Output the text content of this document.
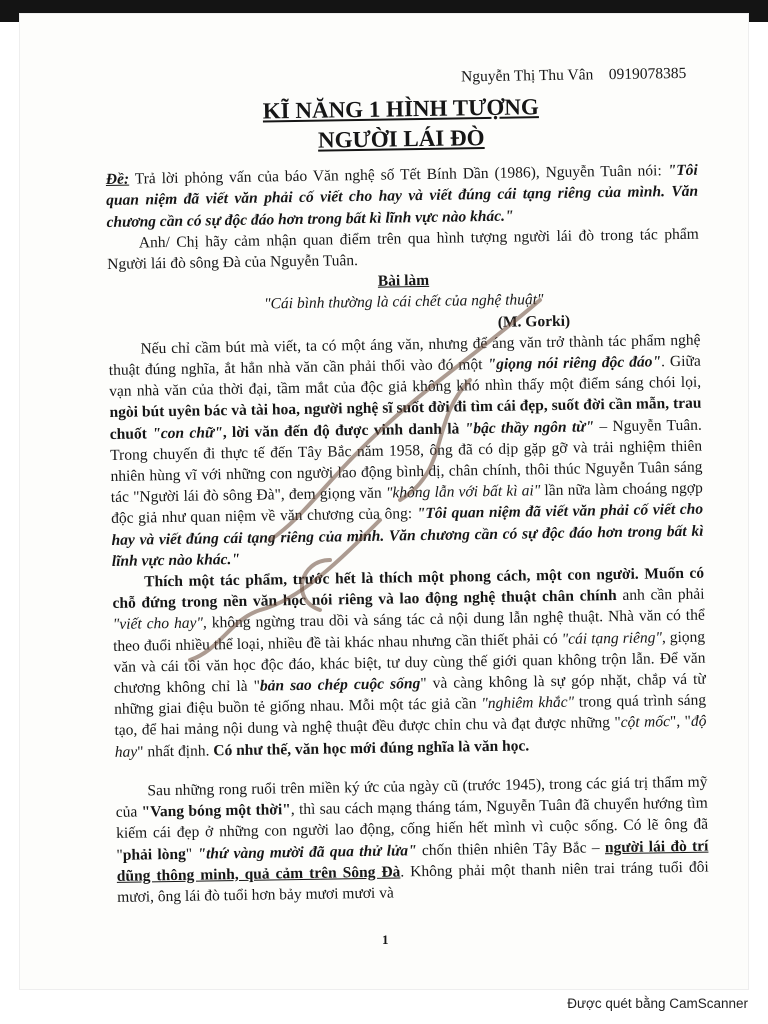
Nguyễn Thị Thu Vân 0919078385

KĨ NĂNG 1 HÌNH TƯỢNG

NGƯỜI LÁI ĐÒ

Đề: Trả lời phỏng vấn của báo Văn nghệ số Tết Bính Dần (1986), Nguyễn Tuân nói: "Tôi quan niệm đã viết văn phải cố viết cho hay và viết đúng cái tạng riêng của mình. Văn chương cần có sự độc đáo hơn trong bất kì lĩnh vực nào khác."

Anh/ Chị hãy cảm nhận quan điểm trên qua hình tượng người lái đò trong tác phẩm Người lái đò sông Đà của Nguyễn Tuân.

Bài làm

"Cái bình thường là cái chết của nghệ thuật"

(M. Gorki)

Nếu chỉ cầm bút mà viết, ta có một áng văn, nhưng để áng văn trở thành tác phẩm nghệ thuật đúng nghĩa, ắt hẳn nhà văn cần phải thổi vào đó một "giọng nói riêng độc đáo". Giữa vạn nhà văn của thời đại, tầm mắt của độc giả không khó nhìn thấy một điểm sáng chói lọi, ngòi bút uyên bác và tài hoa, người nghệ sĩ suốt đời đi tìm cái đẹp, suốt đời cần mẫn, trau chuốt "con chữ", lời văn đến độ được vinh danh là "bậc thầy ngôn từ" – Nguyễn Tuân. Trong chuyến đi thực tế đến Tây Bắc năm 1958, ông đã có dịp gặp gỡ và trải nghiệm thiên nhiên hùng vĩ với những con người lao động bình dị, chân chính, thôi thúc Nguyễn Tuân sáng tác "Người lái đò sông Đà", đem giọng văn "không lẫn với bất kì ai" lần nữa làm choáng ngợp độc giả như quan niệm về văn chương của ông: "Tôi quan niệm đã viết văn phải cố viết cho hay và viết đúng cái tạng riêng của mình. Văn chương cần có sự độc đáo hơn trong bất kì lĩnh vực nào khác."

Thích một tác phẩm, trước hết là thích một phong cách, một con người. Muốn có chỗ đứng trong nền văn học nói riêng và lao động nghệ thuật chân chính anh cần phải "viết cho hay", không ngừng trau dồi và sáng tác cả nội dung lẫn nghệ thuật. Nhà văn có thể theo đuổi nhiều thể loại, nhiều đề tài khác nhau nhưng cần thiết phải có "cái tạng riêng", giọng văn và cái tôi văn học độc đáo, khác biệt, tư duy cùng thế giới quan không trộn lẫn. Để văn chương không chỉ là "bản sao chép cuộc sống" và càng không là sự góp nhặt, chắp vá từ những giai điệu buồn tẻ giống nhau. Mỗi một tác giả cần "nghiêm khắc" trong quá trình sáng tạo, để hai mảng nội dung và nghệ thuật đều được chỉn chu và đạt được những "cột mốc", "độ hay" nhất định. Có như thế, văn học mới đúng nghĩa là văn học.

Sau những rong ruổi trên miền ký ức của ngày cũ (trước 1945), trong các giá trị thẩm mỹ của "Vang bóng một thời", thì sau cách mạng tháng tám, Nguyễn Tuân đã chuyển hướng tìm kiếm cái đẹp ở những con người lao động, cống hiến hết mình vì cuộc sống. Có lẽ ông đã "phải lòng" "thứ vàng mười đã qua thử lửa" chốn thiên nhiên Tây Bắc – người lái đò trí dũng thông minh, quả cảm trên Sông Đà. Không phải một thanh niên trai tráng tuổi đôi mươi, ông lái đò tuổi hơn bảy mươi mươi và

1
Được quét bằng CamScanner
